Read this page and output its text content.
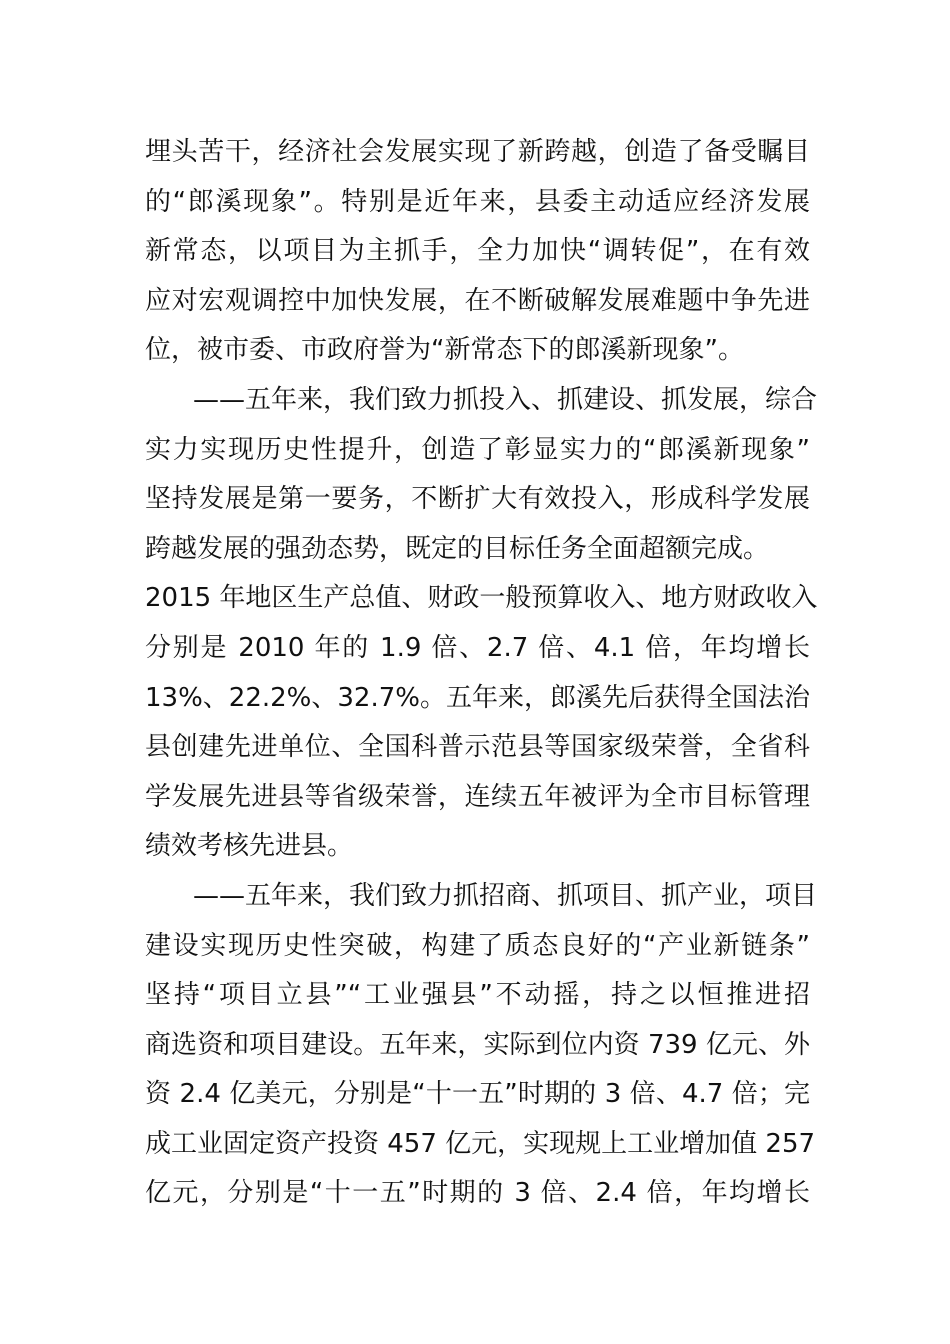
埋头苦干，经济社会发展实现了新跨越，创造了备受瞩目
的“郎溪现象”。特别是近年来，县委主动适应经济发展
新常态，以项目为主抓手，全力加快“调转促”，在有效
应对宏观调控中加快发展，在不断破解发展难题中争先进
位，被市委、市政府誉为“新常态下的郎溪新现象”。
——五年来，我们致力抓投入、抓建设、抓发展，综合
实力实现历史性提升，创造了彰显实力的“郎溪新现象”
坚持发展是第一要务，不断扩大有效投入，形成科学发展
跨越发展的强劲态势，既定的目标任务全面超额完成。
2015 年地区生产总值、财政一般预算收入、地方财政收入
分别是 2010 年的 1.9 倍、2.7 倍、4.1 倍，年均增长
13%、22.2%、32.7%。五年来，郎溪先后获得全国法治
县创建先进单位、全国科普示范县等国家级荣誉，全省科
学发展先进县等省级荣誉，连续五年被评为全市目标管理
绩效考核先进县。
——五年来，我们致力抓招商、抓项目、抓产业，项目
建设实现历史性突破，构建了质态良好的“产业新链条”
坚持“项目立县”“工业强县”不动摇，持之以恒推进招
商选资和项目建设。五年来，实际到位内资 739 亿元、外
资 2.4 亿美元，分别是“十一五”时期的 3 倍、4.7 倍；完
成工业固定资产投资 457 亿元，实现规上工业增加值 257
亿元，分别是“十一五”时期的 3 倍、2.4 倍，年均增长
